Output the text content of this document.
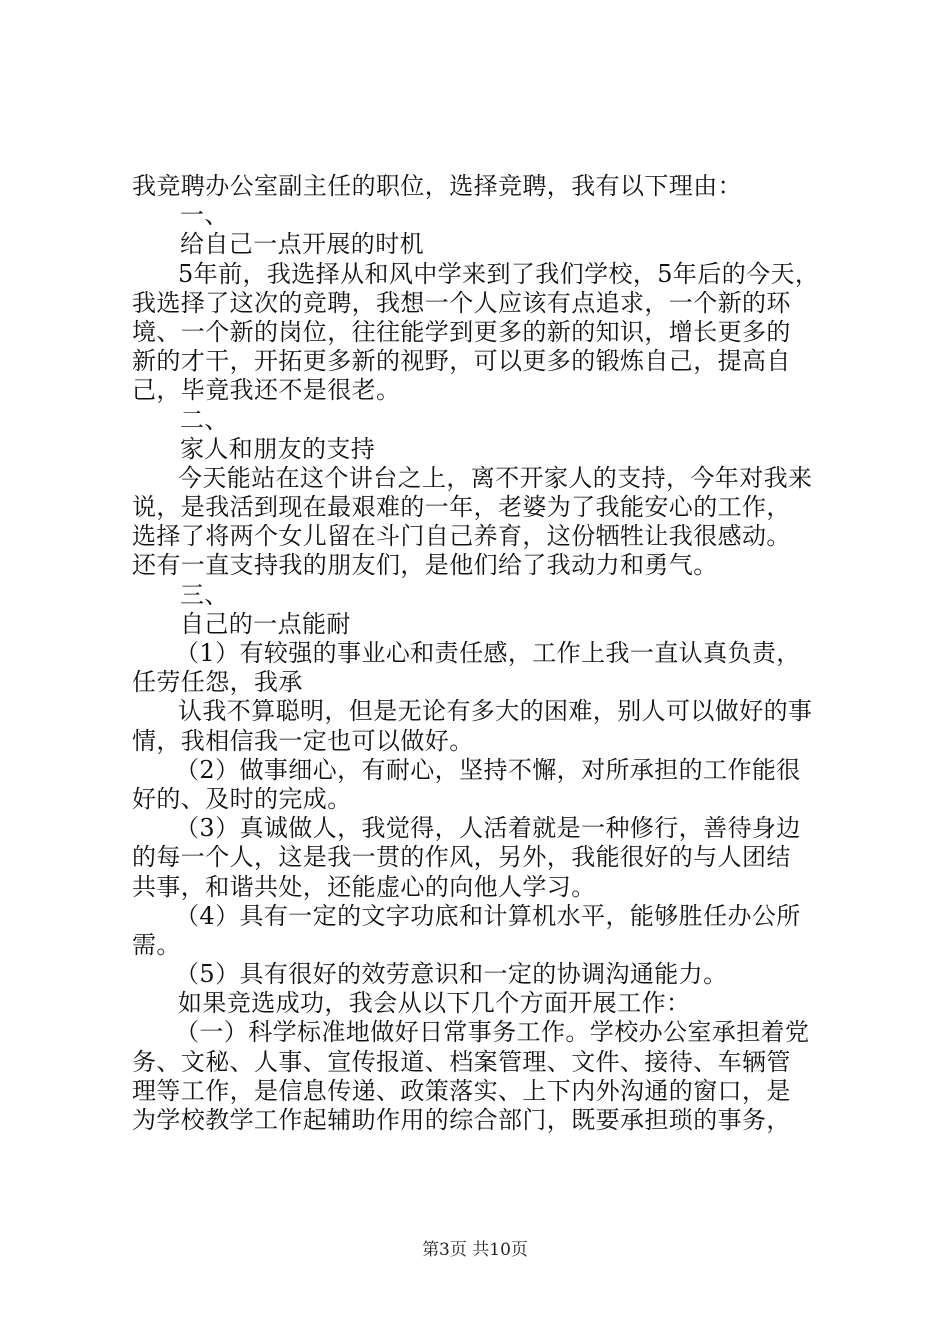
我竞聘办公室副主任的职位，选择竞聘，我有以下理由：
一、
给自己一点开展的时机
5年前，我选择从和风中学来到了我们学校，5年后的今天，
我选择了这次的竞聘，我想一个人应该有点追求，一个新的环
境、一个新的岗位，往往能学到更多的新的知识，增长更多的
新的才干，开拓更多新的视野，可以更多的锻炼自己，提高自
己，毕竟我还不是很老。
二、
家人和朋友的支持
今天能站在这个讲台之上，离不开家人的支持，今年对我来
说，是我活到现在最艰难的一年，老婆为了我能安心的工作，
选择了将两个女儿留在斗门自己养育，这份牺牲让我很感动。
还有一直支持我的朋友们，是他们给了我动力和勇气。
三、
自己的一点能耐
（1）有较强的事业心和责任感，工作上我一直认真负责，
任劳任怨，我承
认我不算聪明，但是无论有多大的困难，别人可以做好的事
情，我相信我一定也可以做好。
（2）做事细心，有耐心，坚持不懈，对所承担的工作能很
好的、及时的完成。
（3）真诚做人，我觉得，人活着就是一种修行，善待身边
的每一个人，这是我一贯的作风，另外，我能很好的与人团结
共事，和谐共处，还能虚心的向他人学习。
（4）具有一定的文字功底和计算机水平，能够胜任办公所
需。
（5）具有很好的效劳意识和一定的协调沟通能力。
如果竞选成功，我会从以下几个方面开展工作：
（一）科学标准地做好日常事务工作。学校办公室承担着党
务、文秘、人事、宣传报道、档案管理、文件、接待、车辆管
理等工作，是信息传递、政策落实、上下内外沟通的窗口，是
为学校教学工作起辅助作用的综合部门，既要承担琐的事务，
第3页 共10页
